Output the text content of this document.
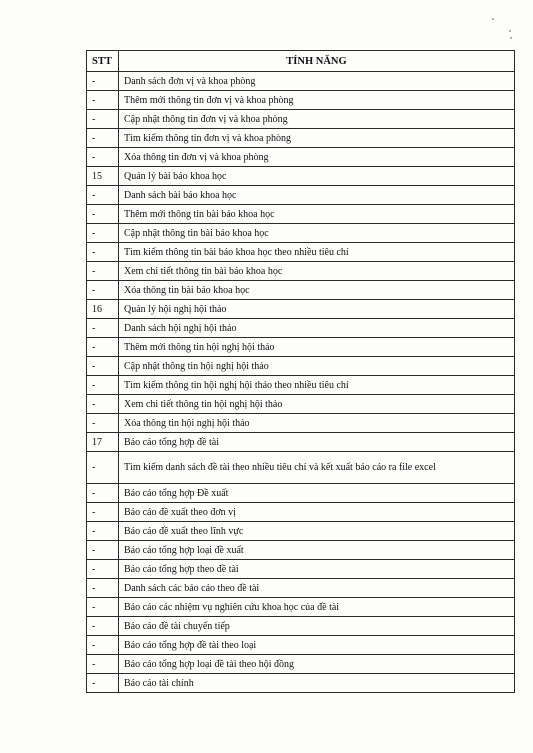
STT	TÍNH NĂNG
-	Danh sách đơn vị và khoa phòng
-	Thêm mới thông tin đơn vị và khoa phòng
-	Cập nhật thông tin đơn vị và khoa phòng
-	Tìm kiếm thông tin đơn vị và khoa phòng
-	Xóa thông tin đơn vị và khoa phòng
15	Quản lý bài báo khoa học
-	Danh sách bài báo khoa học
-	Thêm mới thông tin bài báo khoa học
-	Cập nhật thông tin bài báo khoa học
-	Tìm kiếm thông tin bài báo khoa học theo nhiều tiêu chí
-	Xem chi tiết thông tin bài báo khoa học
-	Xóa thông tin bài báo khoa học
16	Quản lý hội nghị hội thảo
-	Danh sách hội nghị hội thảo
-	Thêm mới thông tin hội nghị hội thảo
-	Cập nhật thông tin hội nghị hội thảo
-	Tìm kiếm thông tin hội nghị hội thảo theo nhiều tiêu chí
-	Xem chi tiết thông tin hội nghị hội thảo
-	Xóa thông tin hội nghị hội thảo
17	Báo cáo tổng hợp đề tài
-	Tìm kiếm danh sách đề tài theo nhiều tiêu chí và kết xuất báo cáo ra file excel
-	Báo cáo tổng hợp Đề xuất
-	Báo cáo đề xuất theo đơn vị
-	Báo cáo đề xuất theo lĩnh vực
-	Báo cáo tổng hợp loại đề xuất
-	Báo cáo tổng hợp theo đề tài
-	Danh sách các báo cáo theo đề tài
-	Báo cáo các nhiệm vụ nghiên cứu khoa học của đề tài
-	Báo cáo đề tài chuyển tiếp
-	Báo cáo tổng hợp đề tài theo loại
-	Báo cáo tổng hợp loại đề tài theo hội đồng
-	Báo cáo tài chính
